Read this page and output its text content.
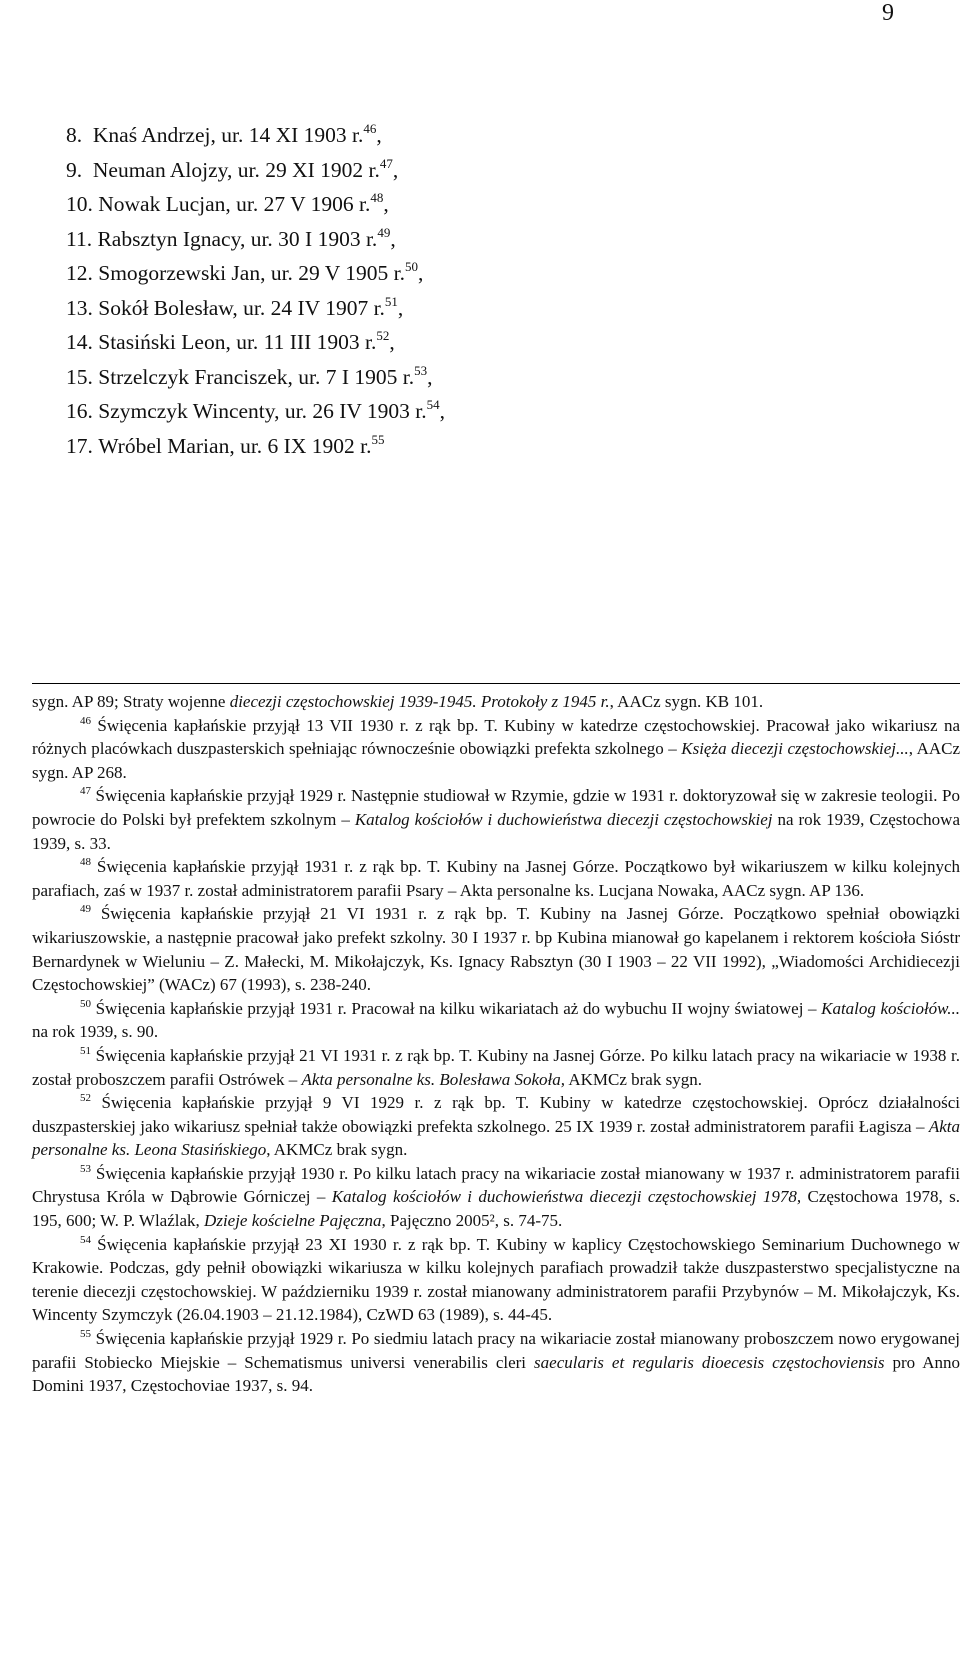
9
8.  Knaś Andrzej, ur. 14 XI 1903 r.$^{46}$,
9.  Neuman Alojzy, ur. 29 XI 1902 r.$^{47}$,
10. Nowak Lucjan, ur. 27 V 1906 r.$^{48}$,
11. Rabsztyn Ignacy, ur. 30 I 1903 r.$^{49}$,
12. Smogorzewski Jan, ur. 29 V 1905 r.$^{50}$,
13. Sokół Bolesław, ur. 24 IV 1907 r.$^{51}$,
14. Stasiński Leon, ur. 11 III 1903 r.$^{52}$,
15. Strzelczyk Franciszek, ur. 7 I 1905 r.$^{53}$,
16. Szymczyk Wincenty, ur. 26 IV 1903 r.$^{54}$,
17. Wróbel Marian, ur. 6 IX 1902 r.$^{55}$

sygn. AP 89; Straty wojenne diecezji częstochowskiej 1939-1945. Protokoły z 1945 r., AACz sygn. KB 101.

$^{46}$ Święcenia kapłańskie przyjął 13 VII 1930 r. z rąk bp. T. Kubiny w katedrze częstochowskiej. Pracował jako wikariusz na różnych placówkach duszpasterskich spełniając równocześnie obowiązki prefekta szkolnego – Księża diecezji częstochowskiej..., AACz sygn. AP 268.

$^{47}$ Święcenia kapłańskie przyjął 1929 r. Następnie studiował w Rzymie, gdzie w 1931 r. doktoryzował się w zakresie teologii. Po powrocie do Polski był prefektem szkolnym – Katalog kościołów i duchowieństwa diecezji częstochowskiej na rok 1939, Częstochowa 1939, s. 33.

$^{48}$ Święcenia kapłańskie przyjął 1931 r. z rąk bp. T. Kubiny na Jasnej Górze. Początkowo był wikariuszem w kilku kolejnych parafiach, zaś w 1937 r. został administratorem parafii Psary – Akta personalne ks. Lucjana Nowaka, AACz sygn. AP 136.

$^{49}$ Święcenia kapłańskie przyjął 21 VI 1931 r. z rąk bp. T. Kubiny na Jasnej Górze. Początkowo spełniał obowiązki wikariuszowskie, a następnie pracował jako prefekt szkolny. 30 I 1937 r. bp Kubina mianował go kapelanem i rektorem kościoła Sióstr Bernardynek w Wieluniu – Z. Małecki, M. Mikołajczyk, Ks. Ignacy Rabsztyn (30 I 1903 – 22 VII 1992), „Wiadomości Archidiecezji Częstochowskiej” (WACz) 67 (1993), s. 238-240.

$^{50}$ Święcenia kapłańskie przyjął 1931 r. Pracował na kilku wikariatach aż do wybuchu II wojny światowej – Katalog kościołów... na rok 1939, s. 90.

$^{51}$ Święcenia kapłańskie przyjął 21 VI 1931 r. z rąk bp. T. Kubiny na Jasnej Górze. Po kilku latach pracy na wikariacie w 1938 r. został proboszczem parafii Ostrówek – Akta personalne ks. Bolesława Sokoła, AKMCz brak sygn.

$^{52}$ Święcenia kapłańskie przyjął 9 VI 1929 r. z rąk bp. T. Kubiny w katedrze częstochowskiej. Oprócz działalności duszpasterskiej jako wikariusz spełniał także obowiązki prefekta szkolnego. 25 IX 1939 r. został administratorem parafii Łagisza – Akta personalne ks. Leona Stasińskiego, AKMCz brak sygn.

$^{53}$ Święcenia kapłańskie przyjął 1930 r. Po kilku latach pracy na wikariacie został mianowany w 1937 r. administratorem parafii Chrystusa Króla w Dąbrowie Górniczej – Katalog kościołów i duchowieństwa diecezji częstochowskiej 1978, Częstochowa 1978, s. 195, 600; W. P. Wlaźlak, Dzieje kościelne Pajęczna, Pajęczno 2005², s. 74-75.

$^{54}$ Święcenia kapłańskie przyjął 23 XI 1930 r. z rąk bp. T. Kubiny w kaplicy Częstochowskiego Seminarium Duchownego w Krakowie. Podczas, gdy pełnił obowiązki wikariusza w kilku kolejnych parafiach prowadził także duszpasterstwo specjalistyczne na terenie diecezji częstochowskiej. W październiku 1939 r. został mianowany administratorem parafii Przybynów – M. Mikołajczyk, Ks. Wincenty Szymczyk (26.04.1903 – 21.12.1984), CzWD 63 (1989), s. 44-45.

$^{55}$ Święcenia kapłańskie przyjął 1929 r. Po siedmiu latach pracy na wikariacie został mianowany proboszczem nowo erygowanej parafii Stobiecko Miejskie – Schematismus universi venerabilis cleri saecularis et regularis dioecesis częstochoviensis pro Anno Domini 1937, Częstochoviae 1937, s. 94.
